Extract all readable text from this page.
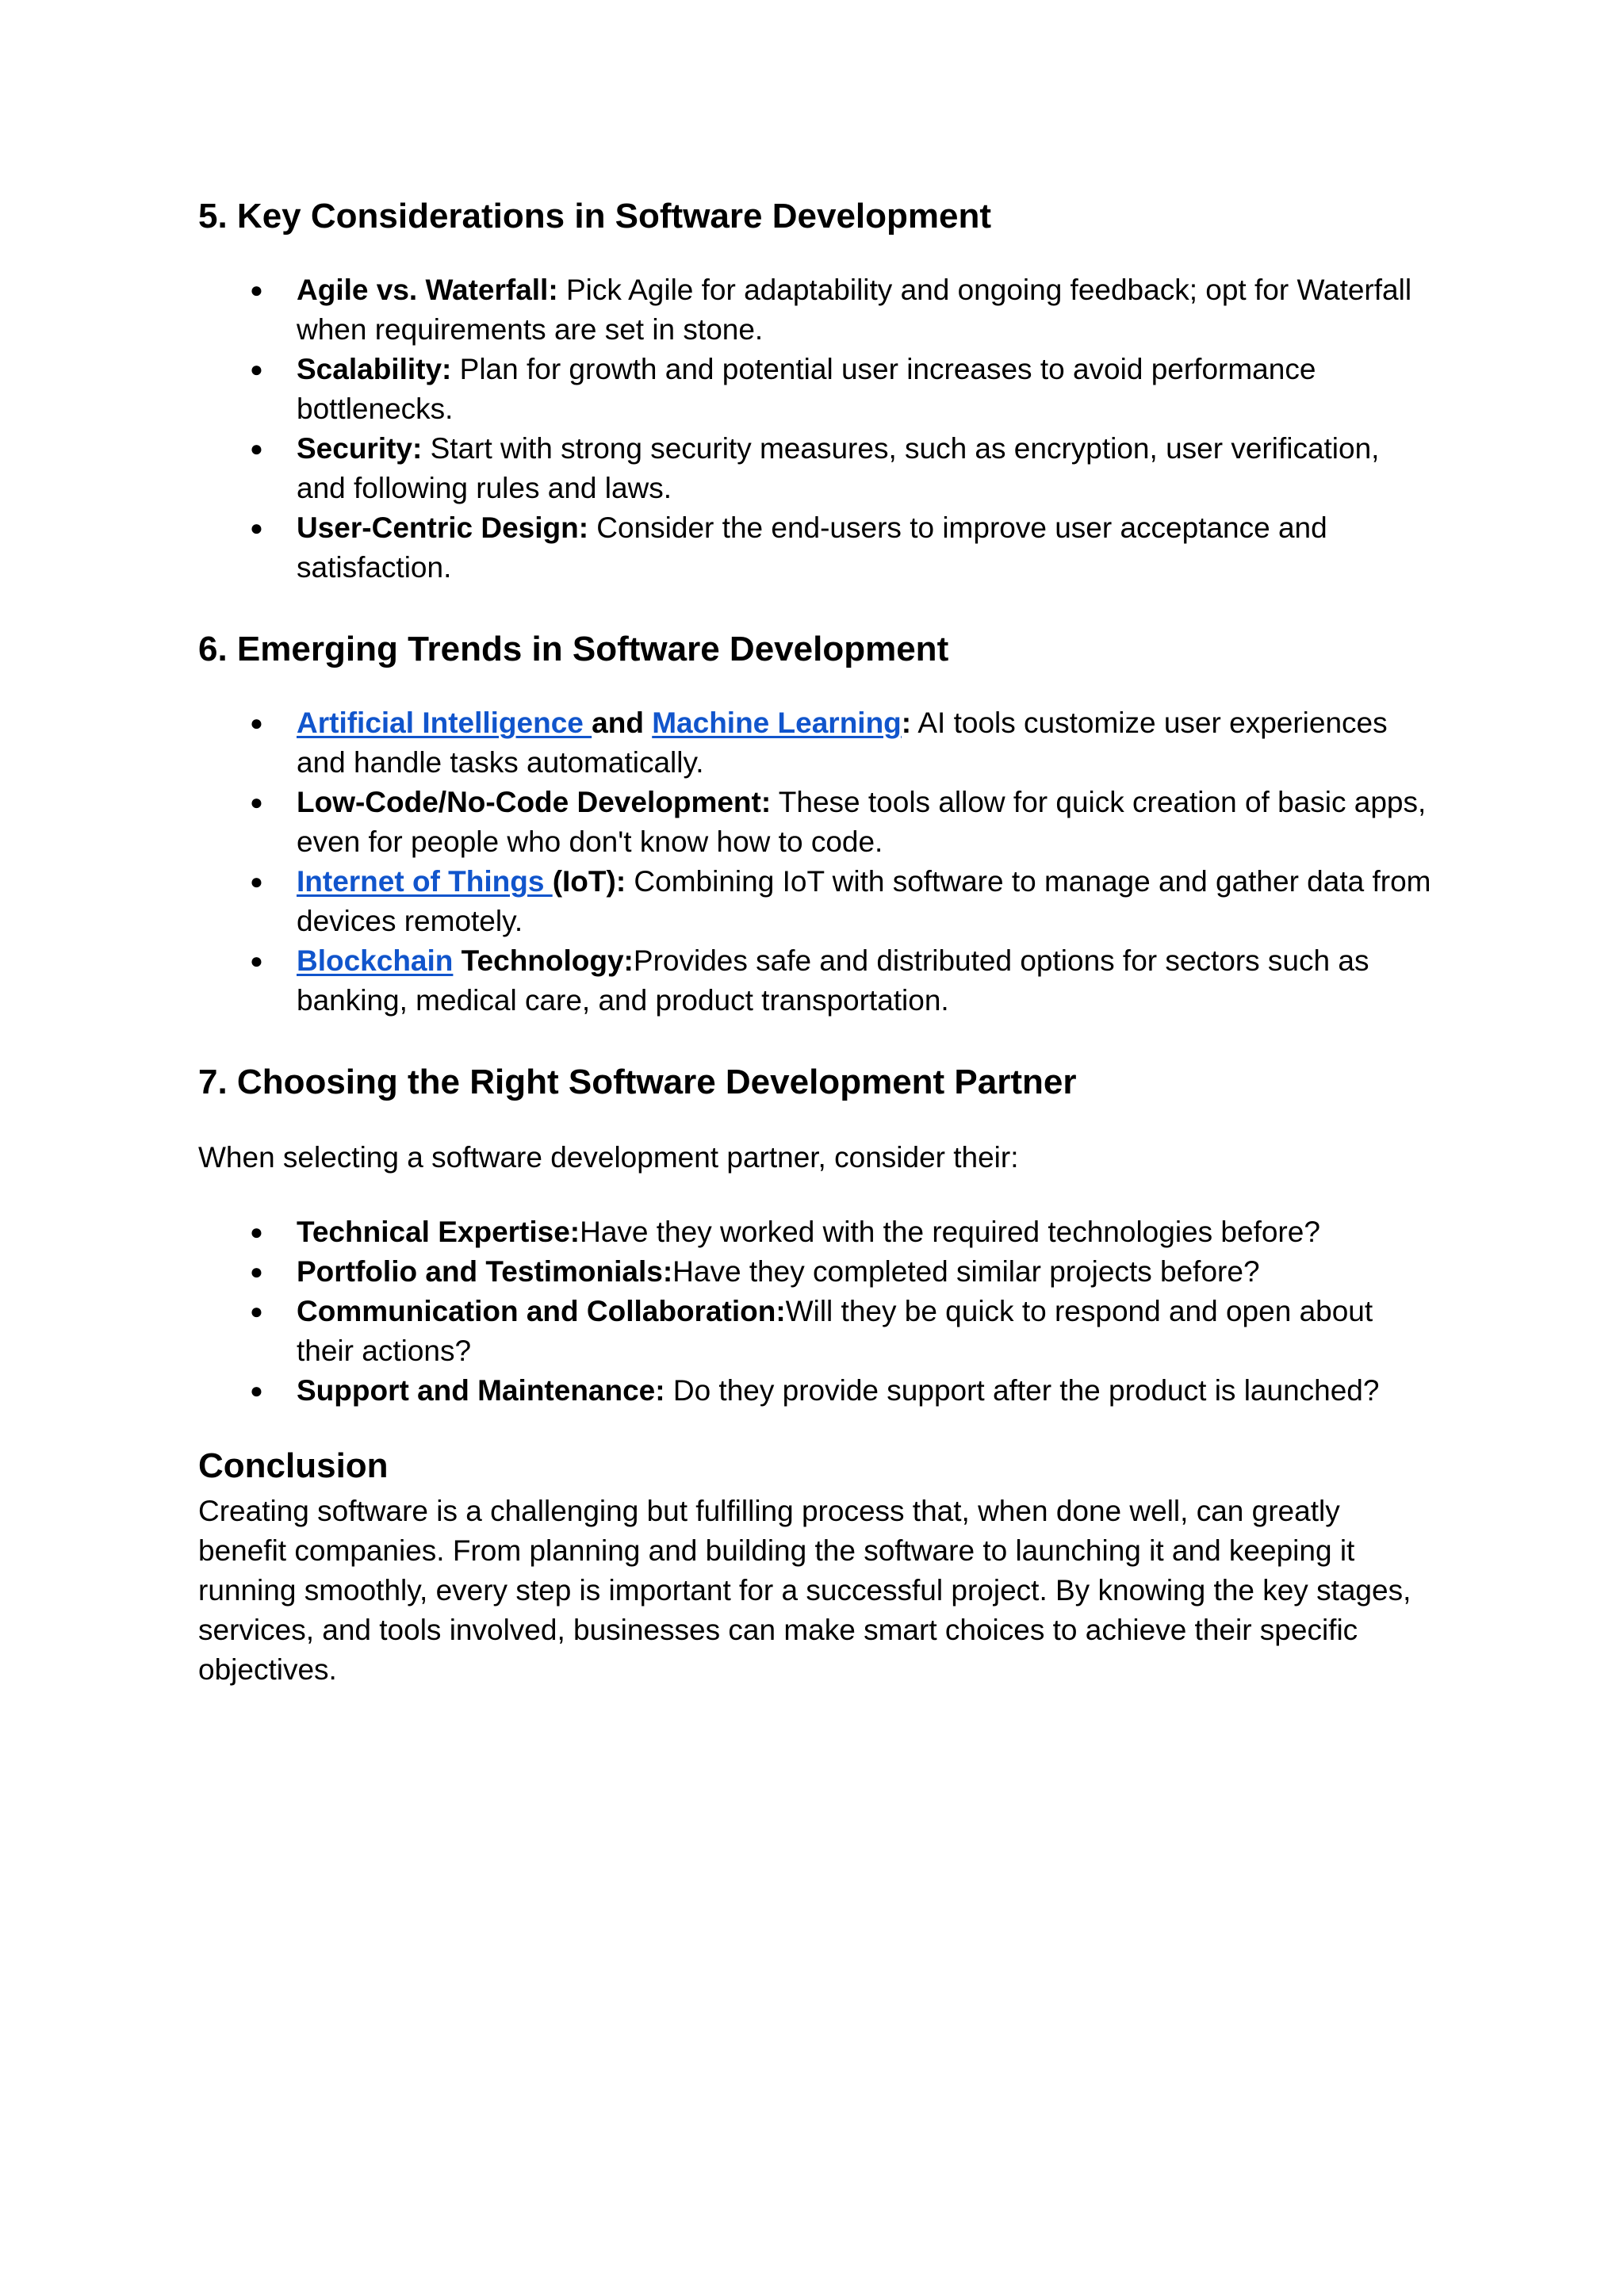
5. Key Considerations in Software Development
● Agile vs. Waterfall: Pick Agile for adaptability and ongoing feedback; opt for Waterfall when requirements are set in stone.
● Scalability: Plan for growth and potential user increases to avoid performance bottlenecks.
● Security: Start with strong security measures, such as encryption, user verification, and following rules and laws.
● User-Centric Design: Consider the end-users to improve user acceptance and satisfaction.
6. Emerging Trends in Software Development
● Artificial Intelligence and Machine Learning: AI tools customize user experiences and handle tasks automatically.
● Low-Code/No-Code Development: These tools allow for quick creation of basic apps, even for people who don't know how to code.
● Internet of Things (IoT): Combining IoT with software to manage and gather data from devices remotely.
● Blockchain Technology:Provides safe and distributed options for sectors such as banking, medical care, and product transportation.
7. Choosing the Right Software Development Partner

When selecting a software development partner, consider their:

● Technical Expertise:Have they worked with the required technologies before?
● Portfolio and Testimonials:Have they completed similar projects before?
● Communication and Collaboration:Will they be quick to respond and open about their actions?
● Support and Maintenance: Do they provide support after the product is launched?
Conclusion

Creating software is a challenging but fulfilling process that, when done well, can greatly benefit companies. From planning and building the software to launching it and keeping it running smoothly, every step is important for a successful project. By knowing the key stages, services, and tools involved, businesses can make smart choices to achieve their specific objectives.
